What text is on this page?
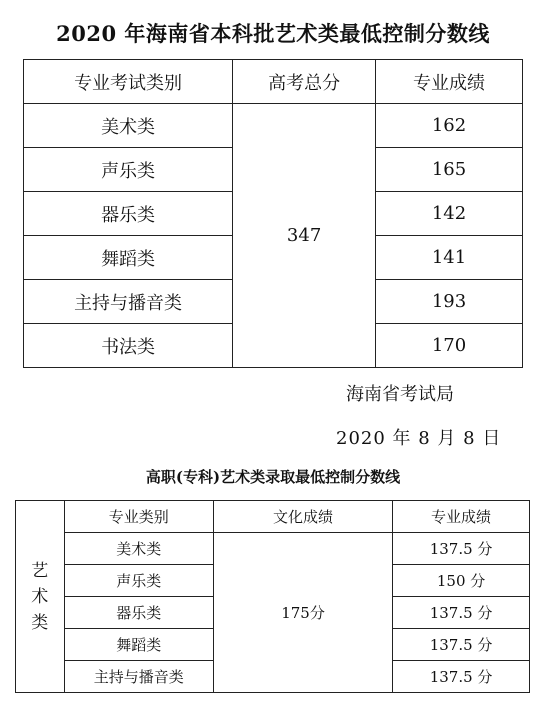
2020 年海南省本科批艺术类最低控制分数线
专业考试类别	高考总分	专业成绩
美术类	347	162
声乐类		165
器乐类		142
舞蹈类		141
主持与播音类		193
书法类		170
海南省考试局
2020 年 8 月 8 日
高职(专科)艺术类录取最低控制分数线
艺
术
类	专业类别	文化成绩	专业成绩
	美术类	175分	137.5 分
	声乐类		150 分
	器乐类		137.5 分
	舞蹈类		137.5 分
	主持与播音类		137.5 分
